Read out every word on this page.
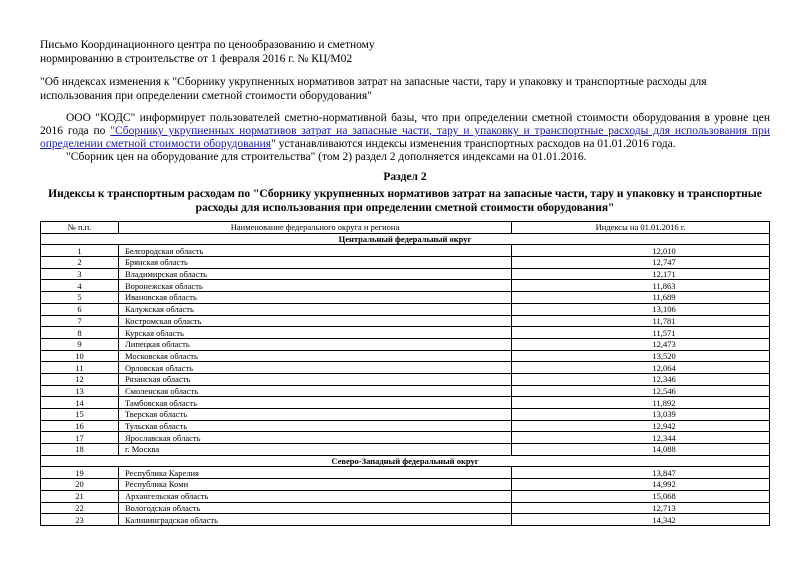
Письмо Координационного центра по ценообразованию и сметному
нормированию в строительстве от 1 февраля 2016 г. № КЦ/М02
"Об индексах изменения к "Сборнику укрупненных нормативов затрат на запасные части, тару и упаковку и транспортные расходы для использования при определении сметной стоимости оборудования"

ООО "КОДС" информирует пользователей сметно-нормативной базы, что при определении сметной стоимости оборудования в уровне цен 2016 года по "Сборнику укрупненных нормативов затрат на запасные части, тару и упаковку и транспортные расходы для использования при определении сметной стоимости оборудования" устанавливаются индексы изменения транспортных расходов на 01.01.2016 года.

"Сборник цен на оборудование для строительства" (том 2) раздел 2 дополняется индексами на 01.01.2016.

Раздел 2
Индексы к транспортным расходам по "Сборнику укрупненных нормативов затрат на запасные части, тару и упаковку и транспортные расходы для использования при определении сметной стоимости оборудования"
№ п.п.	Наименование федерального округа и региона	Индексы на 01.01.2016 г.
Центральный федеральный округ		
1	Белгородская область	12,010
2	Брянская область	12,747
3	Владимирская область	12,171
4	Воронежская область	11,863
5	Ивановская область	11,689
6	Калужская область	13,106
7	Костромская область	11,781
8	Курская область	11,571
9	Липецкая область	12,473
10	Московская область	13,520
11	Орловская область	12,064
12	Рязанская область	12,346
13	Смоленская область	12,546
14	Тамбовская область	11,892
15	Тверская область	13,039
16	Тульская область	12,942
17	Ярославская область	12,344
18	г. Москва	14,088
Северо-Западный федеральный округ		
19	Республика Карелия	13,847
20	Республика Коми	14,992
21	Архангельская область	15,068
22	Вологодская область	12,713
23	Калининградская область	14,342
